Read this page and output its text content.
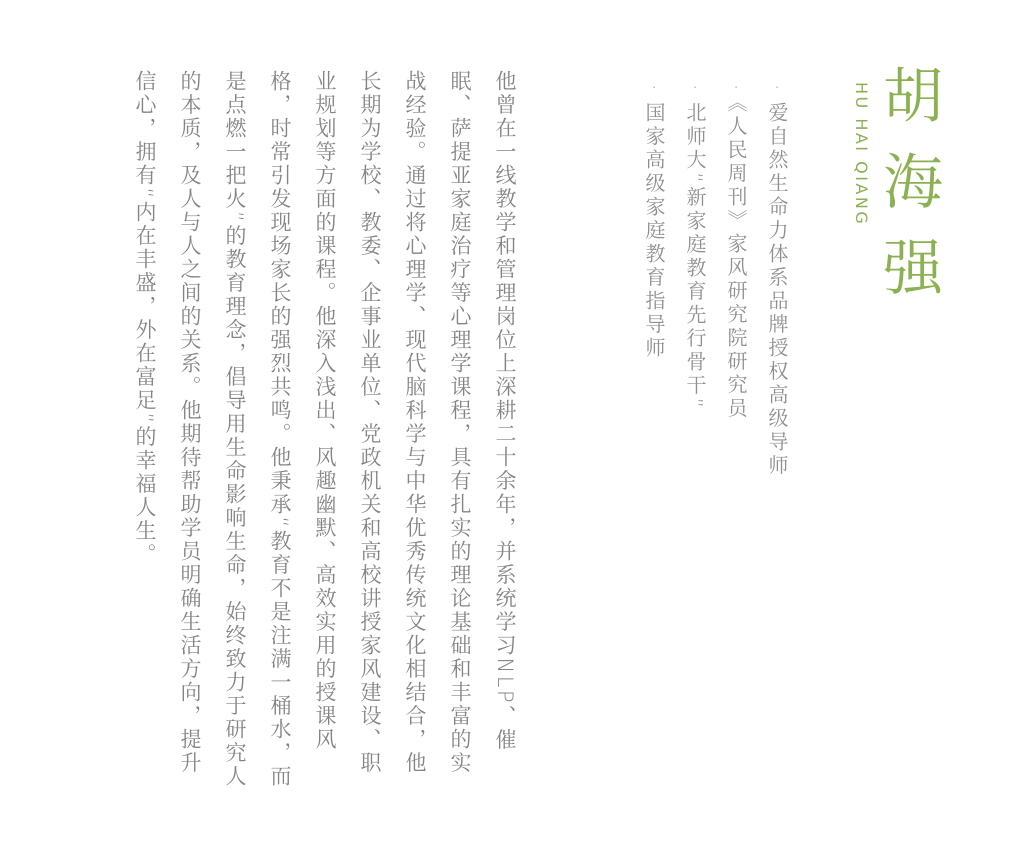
胡海强
HU HAI QIANG
·爱自然生命力体系品牌授权高级导师
·《人民周刊》家风研究院研究员
·北师大“新家庭教育先行骨干”
·国家高级家庭教育指导师

他曾在一线教学和管理岗位上深耕二十余年，并系统学习NLP、催眠、萨提亚家庭治疗等心理学课程，具有扎实的理论基础和丰富的实战经验。通过将心理学、现代脑科学与中华优秀传统文化相结合，他长期为学校、教委、企事业单位、党政机关和高校讲授家风建设、职业规划等方面的课程。他深入浅出、风趣幽默、高效实用的授课风格，时常引发现场家长的强烈共鸣。他秉承“教育不是注满一桶水，而是点燃一把火”的教育理念，倡导用生命影响生命，始终致力于研究人的本质，及人与人之间的关系。他期待帮助学员明确生活方向，提升信心，拥有“内在丰盛，外在富足”的幸福人生。
